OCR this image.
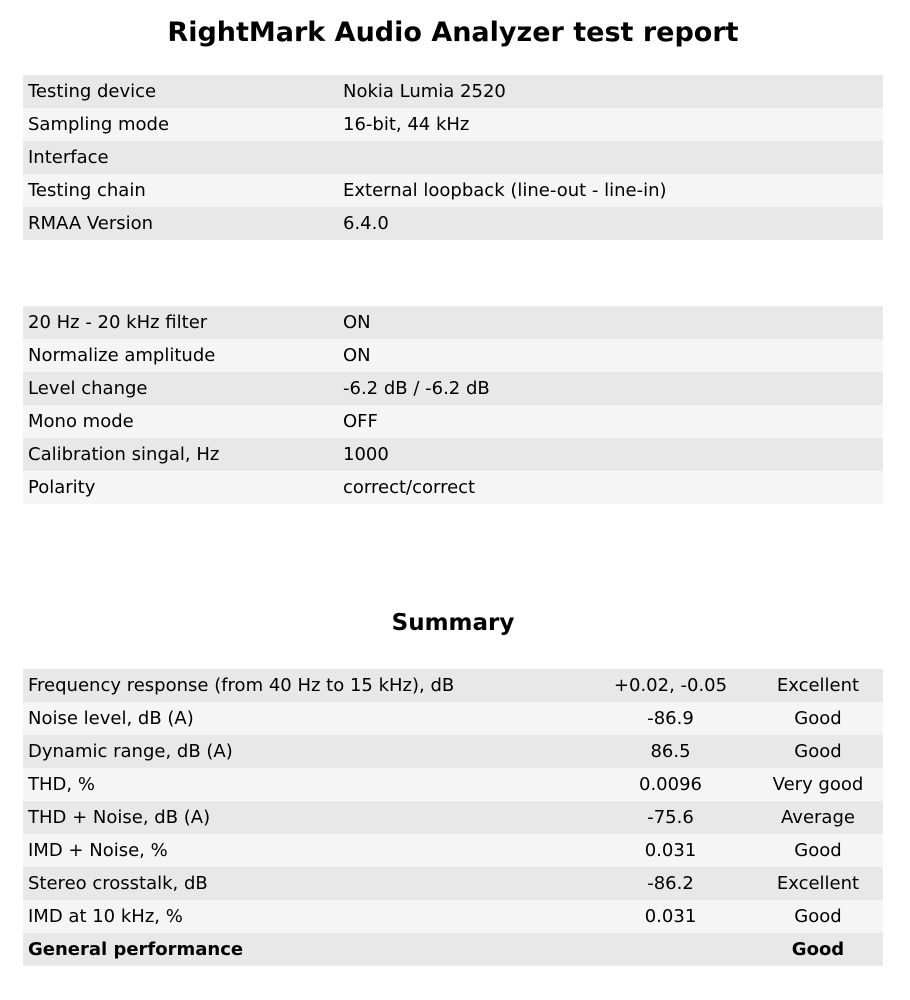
RightMark Audio Analyzer test report
Testing device	Nokia Lumia 2520
Sampling mode	16-bit, 44 kHz
Interface	
Testing chain	External loopback (line-out - line-in)
RMAA Version	6.4.0
20 Hz - 20 kHz filter	ON
Normalize amplitude	ON
Level change	-6.2 dB / -6.2 dB
Mono mode	OFF
Calibration singal, Hz	1000
Polarity	correct/correct
Summary
Frequency response (from 40 Hz to 15 kHz), dB	+0.02, -0.05	Excellent
Noise level, dB (A)	-86.9	Good
Dynamic range, dB (A)	86.5	Good
THD, %	0.0096	Very good
THD + Noise, dB (A)	-75.6	Average
IMD + Noise, %	0.031	Good
Stereo crosstalk, dB	-86.2	Excellent
IMD at 10 kHz, %	0.031	Good
General performance		Good
